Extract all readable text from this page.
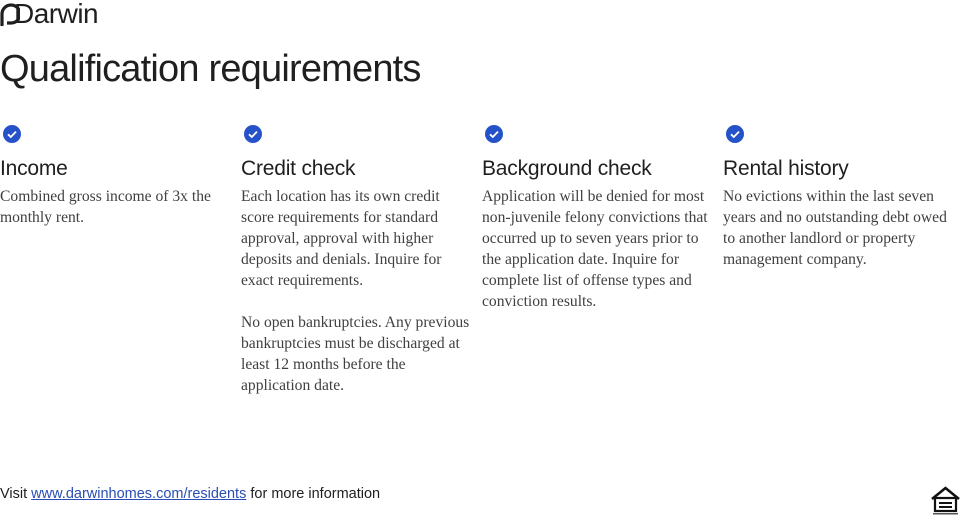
Darwin
Qualification requirements
Income

Combined gross income of 3x the monthly rent.

Credit check

Each location has its own credit score requirements for standard approval, approval with higher deposits and denials. Inquire for exact requirements.

No open bankruptcies. Any previous bankruptcies must be discharged at least 12 months before the application date.

Background check

Application will be denied for most non-juvenile felony convictions that occurred up to seven years prior to the application date. Inquire for complete list of offense types and conviction results.

Rental history

No evictions within the last seven years and no outstanding debt owed to another landlord or property management company.

Visit www.darwinhomes.com/residents for more information
